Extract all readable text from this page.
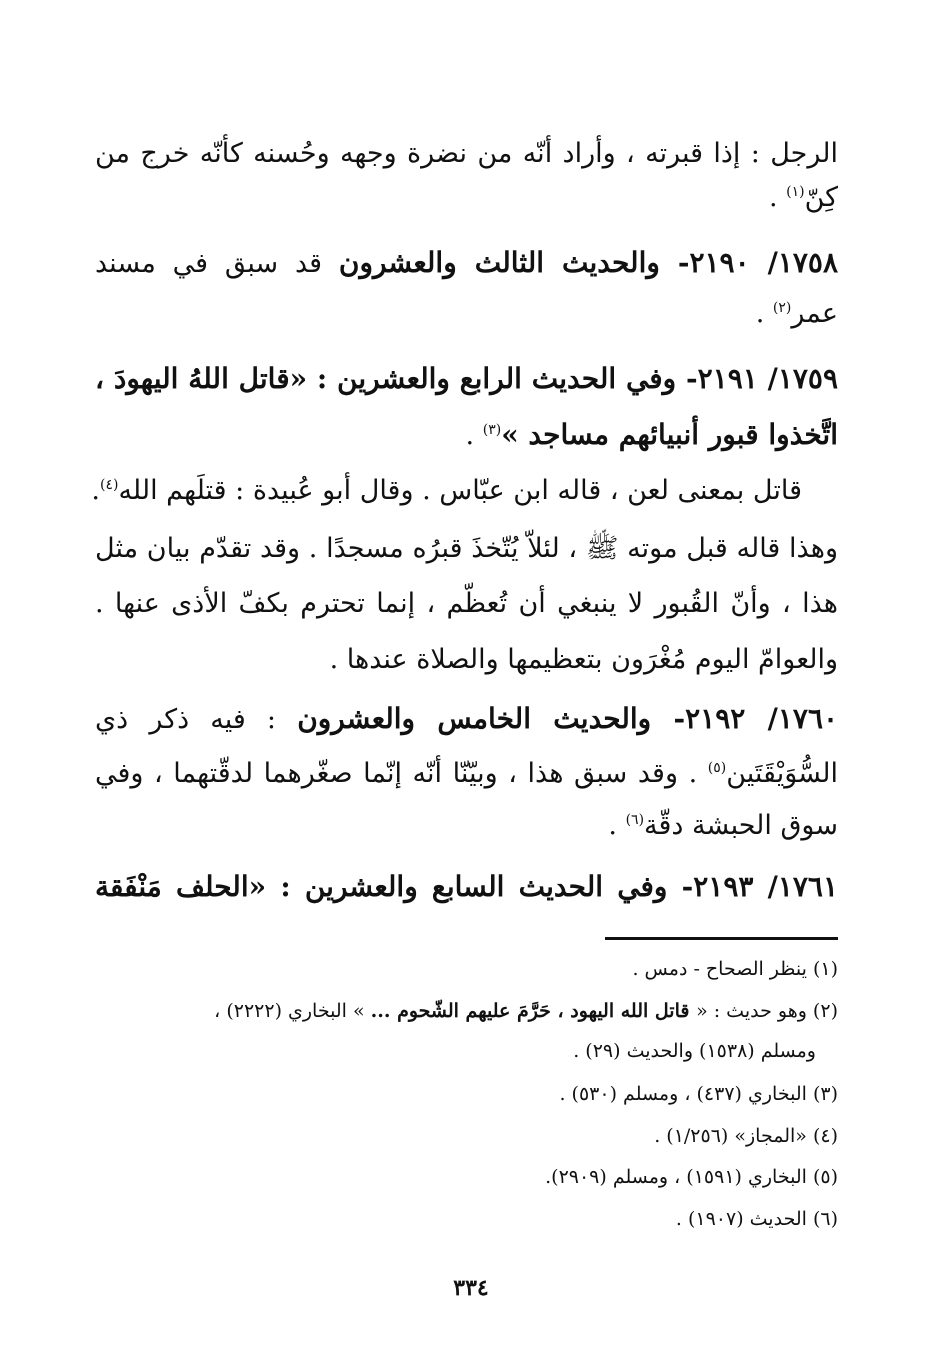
الرجل : إذا قبرته ، وأراد أنّه من نضرة وجهه وحُسنه كأنّه خرج من
كِنّ$^{(١)}$ .
١٧٥٨/ ٢١٩٠- والحديث الثالث والعشرون قد سبق في مسند
عمر$^{(٢)}$ .
١٧٥٩/ ٢١٩١- وفي الحديث الرابع والعشرين : «قاتل اللهُ اليهودَ ،
اتَّخذوا قبور أنبيائهم مساجد »$^{(٣)}$ .
قاتل بمعنى لعن ، قاله ابن عبّاس . وقال أبو عُبيدة : قتلَهم الله$^{(٤)}$.
وهذا قاله قبل موته ﷺ ، لئلاّ يُتّخذَ قبرُه مسجدًا . وقد تقدّم بيان مثل
هذا ، وأنّ القُبور لا ينبغي أن تُعظّم ، إنما تحترم بكفّ الأذى عنها .
والعوامّ اليوم مُغْرَون بتعظيمها والصلاة عندها .
١٧٦٠/ ٢١٩٢- والحديث الخامس والعشرون : فيه ذكر ذي
السُّوَيْقَتَين$^{(٥)}$ . وقد سبق هذا ، وبيّنّا أنّه إنّما صغّرهما لدقّتهما ، وفي
سوق الحبشة دقّة$^{(٦)}$ .
١٧٦١/ ٢١٩٣- وفي الحديث السابع والعشرين : «الحلف مَنْفَقة
(١) ينظر الصحاح - دمس .
(٢) وهو حديث : « قاتل الله اليهود ، حَرَّمَ عليهم الشّحوم ... » البخاري (٢٢٢٢) ،
ومسلم (١٥٣٨) والحديث (٢٩) .
(٣) البخاري (٤٣٧) ، ومسلم (٥٣٠) .
(٤) «المجاز» (١/٢٥٦) .
(٥) البخاري (١٥٩١) ، ومسلم (٢٩٠٩).
(٦) الحديث (١٩٠٧) .
٣٣٤
